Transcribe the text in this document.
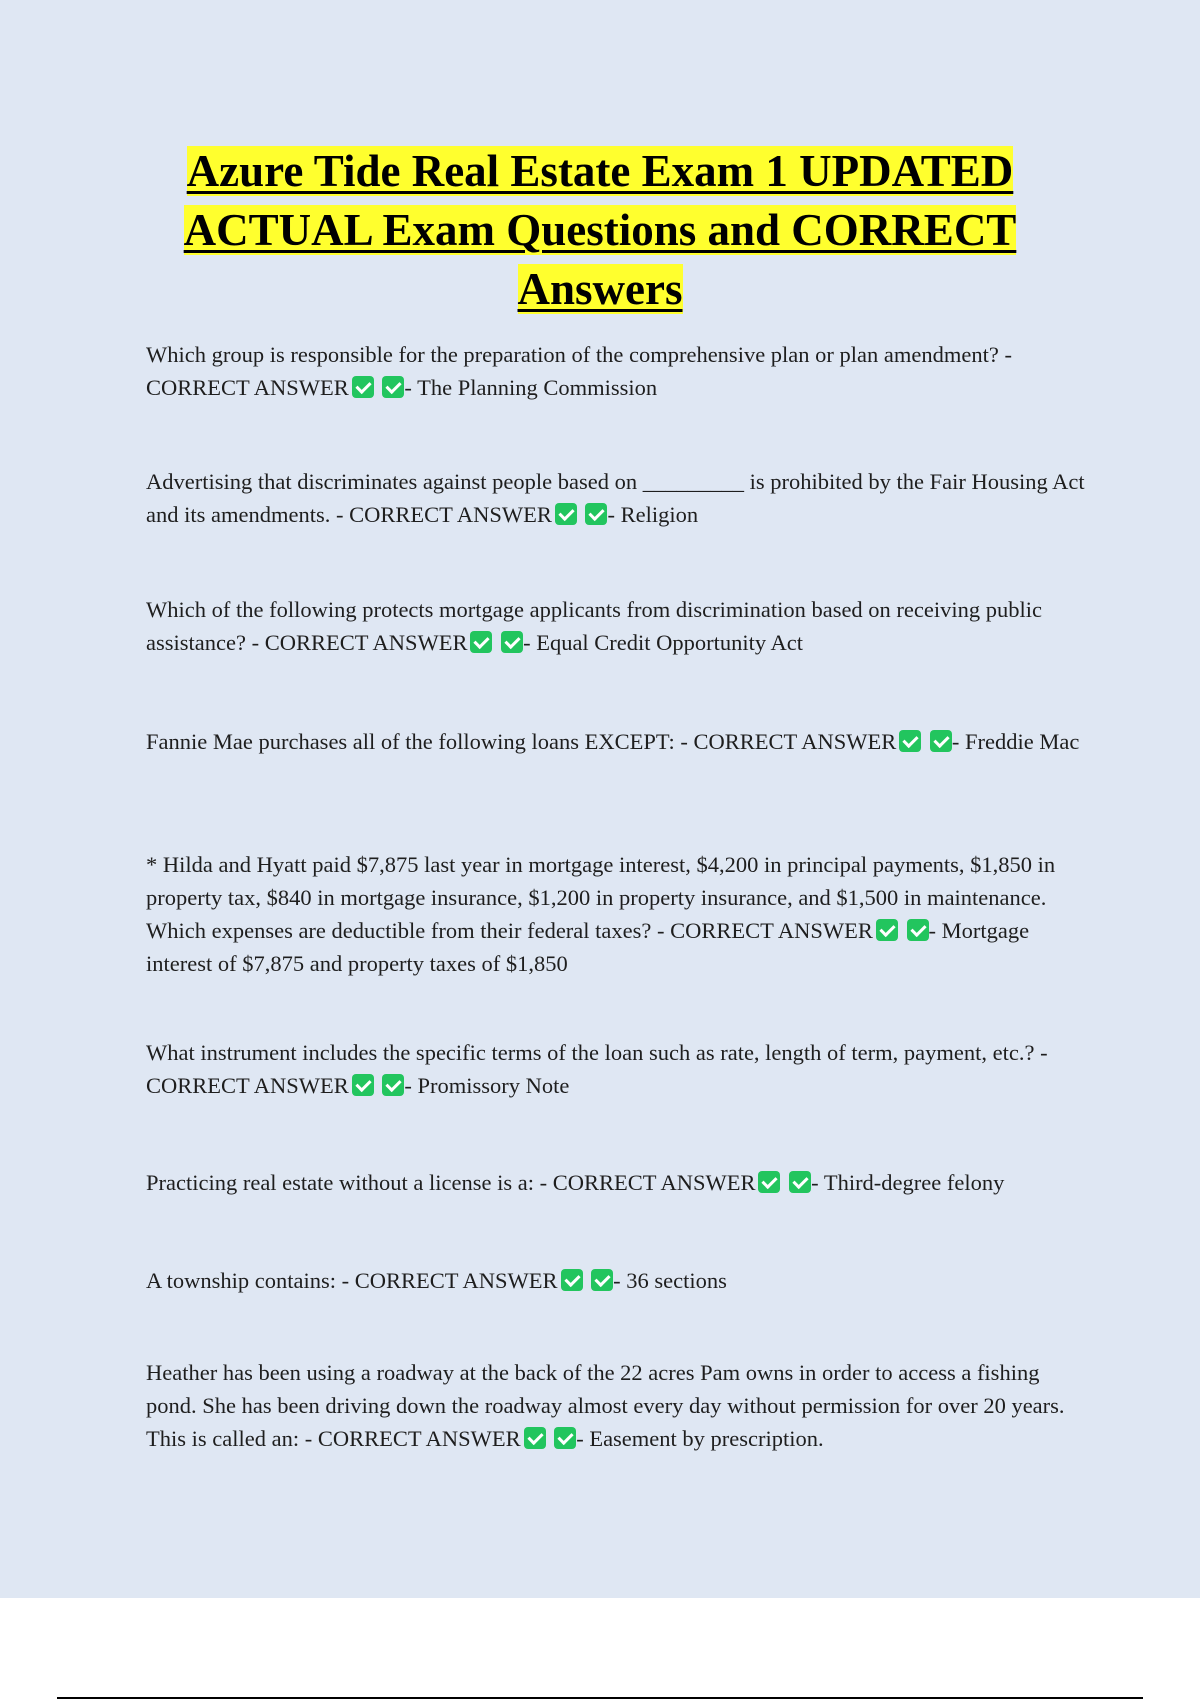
Azure Tide Real Estate Exam 1 UPDATED
ACTUAL Exam Questions and CORRECT
Answers

Which group is responsible for the preparation of the comprehensive plan or plan amendment? - CORRECT ANSWER - The Planning Commission

Advertising that discriminates against people based on _________ is prohibited by the Fair Housing Act and its amendments. - CORRECT ANSWER - Religion

Which of the following protects mortgage applicants from discrimination based on receiving public assistance? - CORRECT ANSWER - Equal Credit Opportunity Act

Fannie Mae purchases all of the following loans EXCEPT: - CORRECT ANSWER - Freddie Mac

* Hilda and Hyatt paid $7,875 last year in mortgage interest, $4,200 in principal payments, $1,850 in property tax, $840 in mortgage insurance, $1,200 in property insurance, and $1,500 in maintenance. Which expenses are deductible from their federal taxes? - CORRECT ANSWER - Mortgage interest of $7,875 and property taxes of $1,850

What instrument includes the specific terms of the loan such as rate, length of term, payment, etc.? - CORRECT ANSWER - Promissory Note

Practicing real estate without a license is a: - CORRECT ANSWER - Third-degree felony

A township contains: - CORRECT ANSWER - 36 sections

Heather has been using a roadway at the back of the 22 acres Pam owns in order to access a fishing pond. She has been driving down the roadway almost every day without permission for over 20 years. This is called an: - CORRECT ANSWER - Easement by prescription.
